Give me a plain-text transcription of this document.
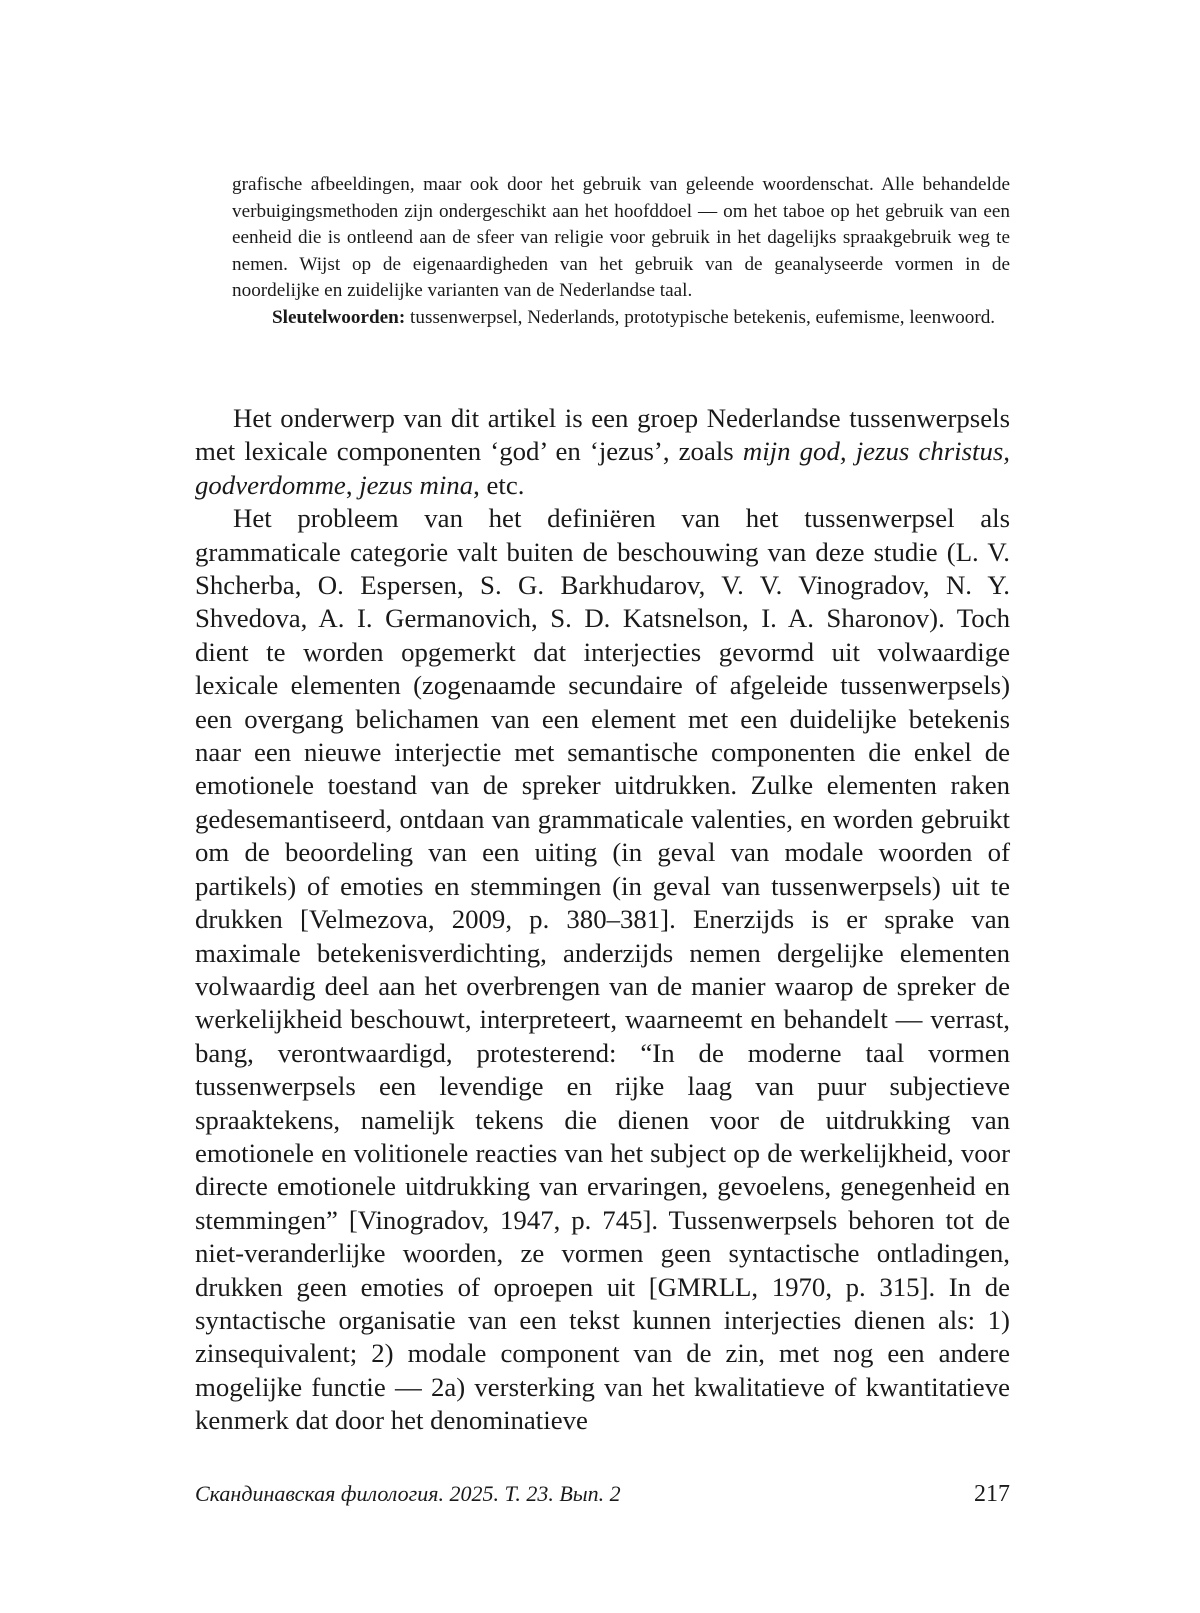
grafische afbeeldingen, maar ook door het gebruik van geleende woordenschat. Alle behandelde verbuigingsmethoden zijn ondergeschikt aan het hoofddoel — om het taboe op het gebruik van een eenheid die is ontleend aan de sfeer van religie voor gebruik in het dagelijks spraakgebruik weg te nemen. Wijst op de eigenaardigheden van het gebruik van de geanalyseerde vormen in de noordelijke en zuidelijke varianten van de Nederlandse taal.

Sleutelwoorden: tussenwerpsel, Nederlands, prototypische betekenis, eufemisme, leenwoord.

Het onderwerp van dit artikel is een groep Nederlandse tussenwerpsels met lexicale componenten ‘god’ en ‘jezus’, zoals mijn god, jezus christus, godverdomme, jezus mina, etc.

Het probleem van het definiëren van het tussenwerpsel als grammaticale categorie valt buiten de beschouwing van deze studie (L. V. Shcherba, O. Espersen, S. G. Barkhudarov, V. V. Vinogradov, N. Y. Shvedova, A. I. Germanovich, S. D. Katsnelson, I. A. Sharonov). Toch dient te worden opgemerkt dat interjecties gevormd uit volwaardige lexicale elementen (zogenaamde secundaire of afgeleide tussenwerpsels) een overgang belichamen van een element met een duidelijke betekenis naar een nieuwe interjectie met semantische componenten die enkel de emotionele toestand van de spreker uitdrukken. Zulke elementen raken gedesemantiseerd, ontdaan van grammaticale valenties, en worden gebruikt om de beoordeling van een uiting (in geval van modale woorden of partikels) of emoties en stemmingen (in geval van tussenwerpsels) uit te drukken [Velmezova, 2009, p. 380–381]. Enerzijds is er sprake van maximale betekenisverdichting, anderzijds nemen dergelijke elementen volwaardig deel aan het overbrengen van de manier waarop de spreker de werkelijkheid beschouwt, interpreteert, waarneemt en behandelt — verrast, bang, verontwaardigd, protesterend: “In de moderne taal vormen tussenwerpsels een levendige en rijke laag van puur subjectieve spraaktekens, namelijk tekens die dienen voor de uitdrukking van emotionele en volitionele reacties van het subject op de werkelijkheid, voor directe emotionele uitdrukking van ervaringen, gevoelens, genegenheid en stemmingen” [Vinogradov, 1947, p. 745]. Tussenwerpsels behoren tot de niet-veranderlijke woorden, ze vormen geen syntactische ontladingen, drukken geen emoties of oproepen uit [GMRLL, 1970, p. 315]. In de syntactische organisatie van een tekst kunnen interjecties dienen als: 1) zinsequivalent; 2) modale component van de zin, met nog een andere mogelijke functie — 2a) versterking van het kwalitatieve of kwantitatieve kenmerk dat door het denominatieve

Скандинавская филология. 2025. Т. 23. Вып. 2	217
